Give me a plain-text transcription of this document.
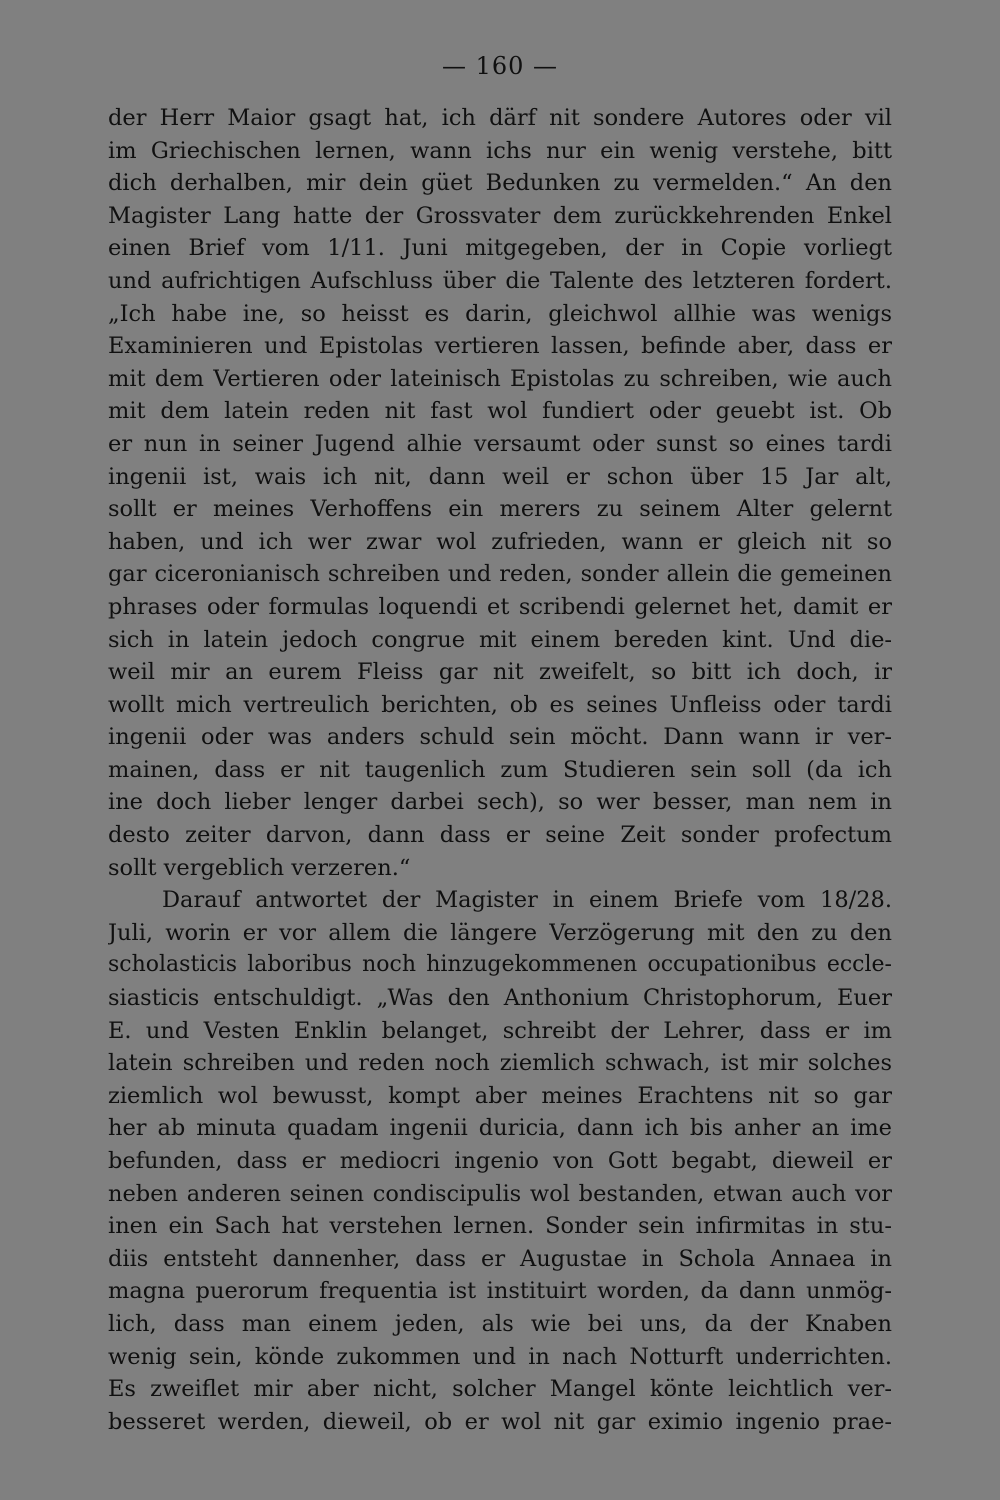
— 160 —
der Herr Maior gsagt hat, ich därf nit sondere Autores oder vil
im Griechischen lernen, wann ichs nur ein wenig verstehe, bitt
dich derhalben, mir dein güet Bedunken zu vermelden.“ An den
Magister Lang hatte der Grossvater dem zurückkehrenden Enkel
einen Brief vom 1/11. Juni mitgegeben, der in Copie vorliegt
und aufrichtigen Aufschluss über die Talente des letzteren fordert.
„Ich habe ine, so heisst es darin, gleichwol allhie was wenigs
Examinieren und Epistolas vertieren lassen, befinde aber, dass er
mit dem Vertieren oder lateinisch Epistolas zu schreiben, wie auch
mit dem latein reden nit fast wol fundiert oder geuebt ist. Ob
er nun in seiner Jugend alhie versaumt oder sunst so eines tardi
ingenii ist, wais ich nit, dann weil er schon über 15 Jar alt,
sollt er meines Verhoffens ein merers zu seinem Alter gelernt
haben, und ich wer zwar wol zufrieden, wann er gleich nit so
gar ciceronianisch schreiben und reden, sonder allein die gemeinen
phrases oder formulas loquendi et scribendi gelernet het, damit er
sich in latein jedoch congrue mit einem bereden kint. Und die-
weil mir an eurem Fleiss gar nit zweifelt, so bitt ich doch, ir
wollt mich vertreulich berichten, ob es seines Unfleiss oder tardi
ingenii oder was anders schuld sein möcht. Dann wann ir ver-
mainen, dass er nit taugenlich zum Studieren sein soll (da ich
ine doch lieber lenger darbei sech), so wer besser, man nem in
desto zeiter darvon, dann dass er seine Zeit sonder profectum
sollt vergeblich verzeren.“
Darauf antwortet der Magister in einem Briefe vom 18/28.
Juli, worin er vor allem die längere Verzögerung mit den zu den
scholasticis laboribus noch hinzugekommenen occupationibus eccle-
siasticis entschuldigt. „Was den Anthonium Christophorum, Euer
E. und Vesten Enklin belanget, schreibt der Lehrer, dass er im
latein schreiben und reden noch ziemlich schwach, ist mir solches
ziemlich wol bewusst, kompt aber meines Erachtens nit so gar
her ab minuta quadam ingenii duricia, dann ich bis anher an ime
befunden, dass er mediocri ingenio von Gott begabt, dieweil er
neben anderen seinen condiscipulis wol bestanden, etwan auch vor
inen ein Sach hat verstehen lernen. Sonder sein infirmitas in stu-
diis entsteht dannenher, dass er Augustae in Schola Annaea in
magna puerorum frequentia ist instituirt worden, da dann unmög-
lich, dass man einem jeden, als wie bei uns, da der Knaben
wenig sein, könde zukommen und in nach Notturft underrichten.
Es zweiflet mir aber nicht, solcher Mangel könte leichtlich ver-
besseret werden, dieweil, ob er wol nit gar eximio ingenio prae-
